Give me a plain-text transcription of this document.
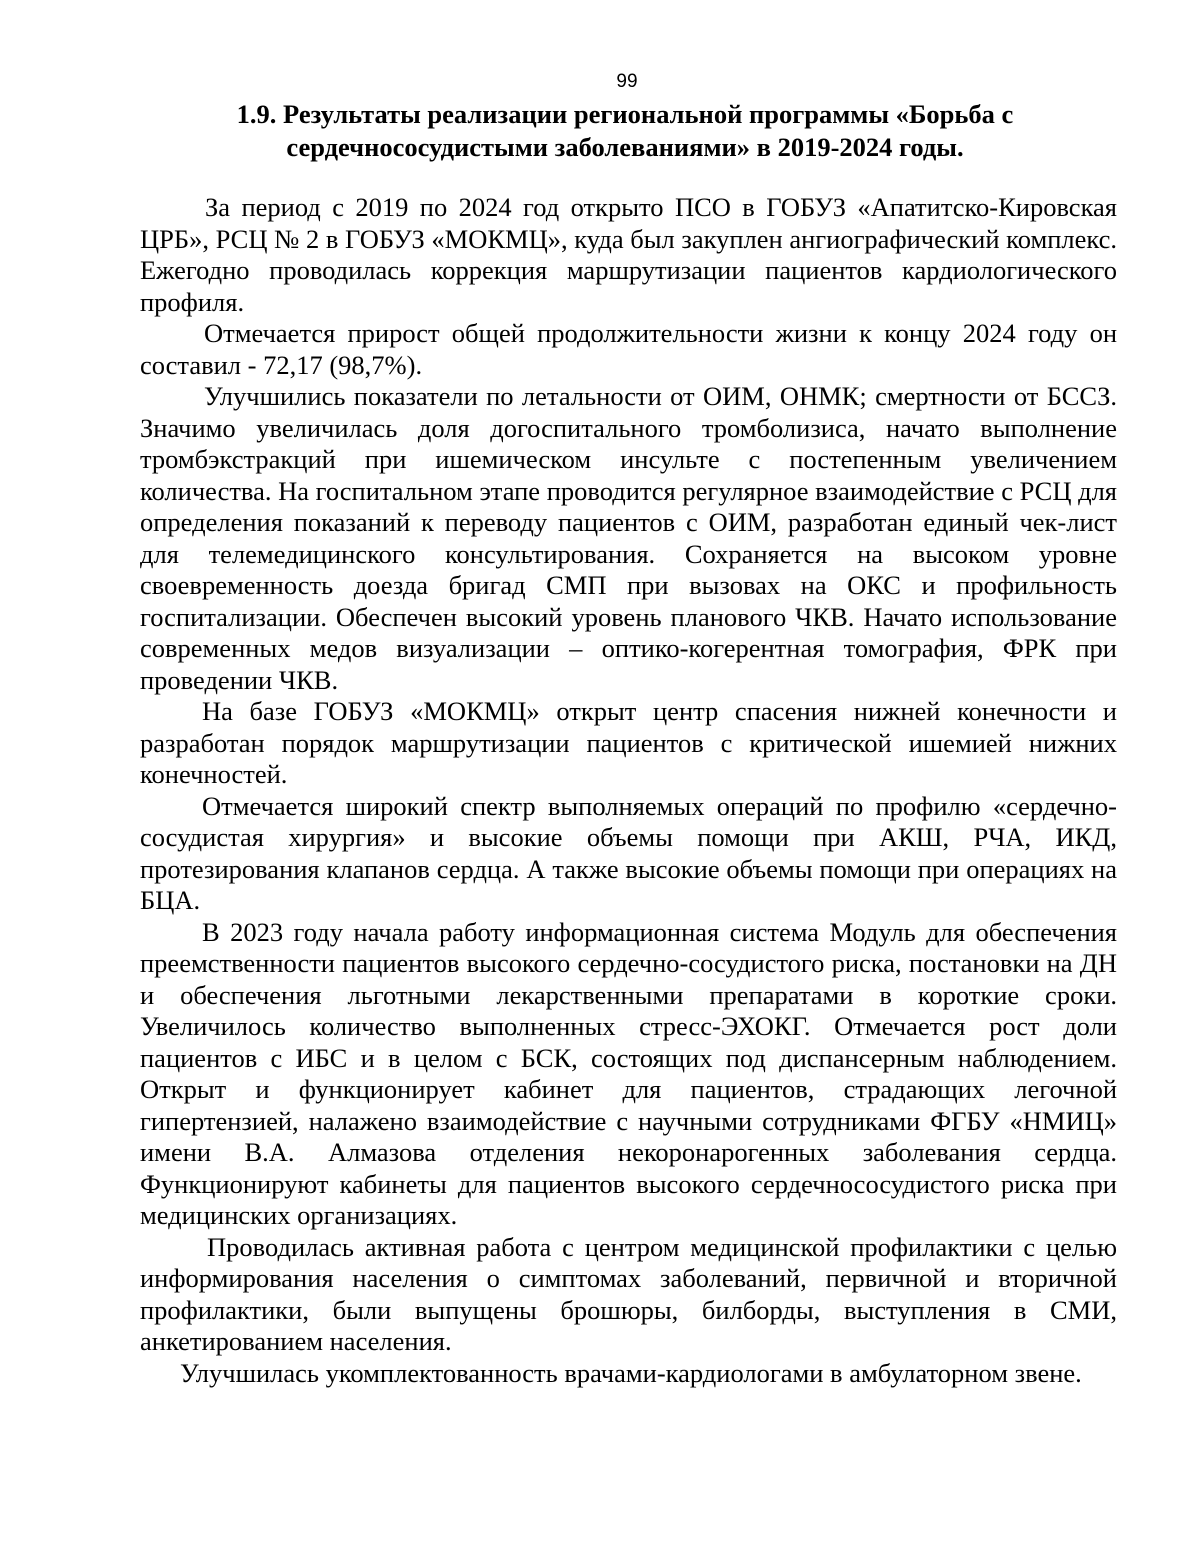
99
1.9. Результаты реализации региональной программы «Борьба с сердечнососудистыми заболеваниями» в 2019-2024 годы.

За период с 2019 по 2024 год открыто ПСО в ГОБУЗ «Апатитско-Кировская ЦРБ», РСЦ № 2 в ГОБУЗ «МОКМЦ», куда был закуплен ангиографический комплекс. Ежегодно проводилась коррекция маршрутизации пациентов кардиологического профиля.

Отмечается прирост общей продолжительности жизни к концу 2024 году он составил - 72,17 (98,7%).

Улучшились показатели по летальности от ОИМ, ОНМК; смертности от БССЗ. Значимо увеличилась доля догоспитального тромболизиса, начато выполнение тромбэкстракций при ишемическом инсульте с постепенным увеличением количества. На госпитальном этапе проводится регулярное взаимодействие с РСЦ для определения показаний к переводу пациентов с ОИМ, разработан единый чек-лист для телемедицинского консультирования. Сохраняется на высоком уровне своевременность доезда бригад СМП при вызовах на ОКС и профильность госпитализации. Обеспечен высокий уровень планового ЧКВ. Начато использование современных медов визуализации – оптико-когерентная томография, ФРК при проведении ЧКВ.

На базе ГОБУЗ «МОКМЦ» открыт центр спасения нижней конечности и разработан порядок маршрутизации пациентов с критической ишемией нижних конечностей.

Отмечается широкий спектр выполняемых операций по профилю «сердечно-сосудистая хирургия» и высокие объемы помощи при АКШ, РЧА, ИКД, протезирования клапанов сердца. А также высокие объемы помощи при операциях на БЦА.

В 2023 году начала работу информационная система Модуль для обеспечения преемственности пациентов высокого сердечно-сосудистого риска, постановки на ДН и обеспечения льготными лекарственными препаратами в короткие сроки. Увеличилось количество выполненных стресс-ЭХОКГ. Отмечается рост доли пациентов с ИБС и в целом с БСК, состоящих под диспансерным наблюдением. Открыт и функционирует кабинет для пациентов, страдающих легочной гипертензией, налажено взаимодействие с научными сотрудниками ФГБУ «НМИЦ» имени В.А. Алмазова отделения некоронарогенных заболевания сердца. Функционируют кабинеты для пациентов высокого сердечнососудистого риска при медицинских организациях.

Проводилась активная работа с центром медицинской профилактики с целью информирования населения о симптомах заболеваний, первичной и вторичной профилактики, были выпущены брошюры, билборды, выступления в СМИ, анкетированием населения.

Улучшилась укомплектованность врачами-кардиологами в амбулаторном звене.
